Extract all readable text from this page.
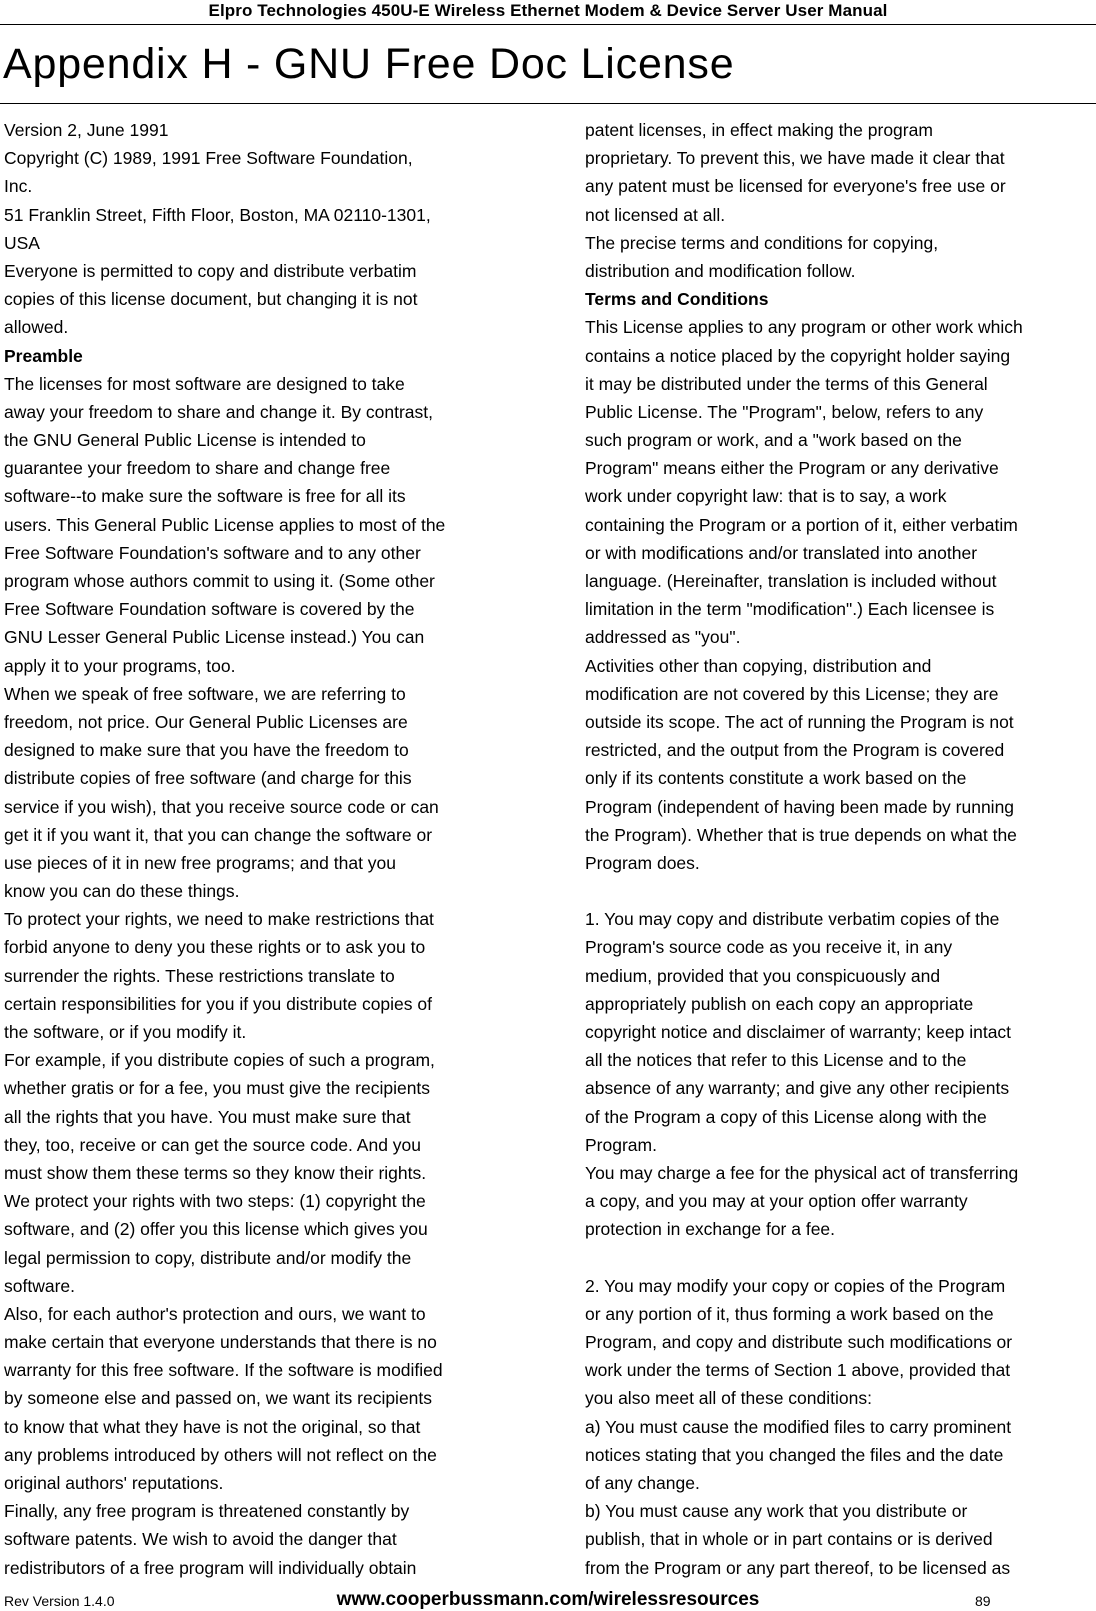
Elpro Technologies 450U-E Wireless Ethernet Modem & Device Server User Manual
Appendix H - GNU Free Doc License
Version 2, June 1991
Copyright (C) 1989, 1991 Free Software Foundation,
Inc.
51 Franklin Street, Fifth Floor, Boston, MA 02110-1301,
USA
Everyone is permitted to copy and distribute verbatim
copies of this license document, but changing it is not
allowed.
Preamble
The licenses for most software are designed to take
away your freedom to share and change it. By contrast,
the GNU General Public License is intended to
guarantee your freedom to share and change free
software--to make sure the software is free for all its
users. This General Public License applies to most of the
Free Software Foundation's software and to any other
program whose authors commit to using it. (Some other
Free Software Foundation software is covered by the
GNU Lesser General Public License instead.) You can
apply it to your programs, too.
When we speak of free software, we are referring to
freedom, not price. Our General Public Licenses are
designed to make sure that you have the freedom to
distribute copies of free software (and charge for this
service if you wish), that you receive source code or can
get it if you want it, that you can change the software or
use pieces of it in new free programs; and that you
know you can do these things.
To protect your rights, we need to make restrictions that
forbid anyone to deny you these rights or to ask you to
surrender the rights. These restrictions translate to
certain responsibilities for you if you distribute copies of
the software, or if you modify it.
For example, if you distribute copies of such a program,
whether gratis or for a fee, you must give the recipients
all the rights that you have. You must make sure that
they, too, receive or can get the source code. And you
must show them these terms so they know their rights.
We protect your rights with two steps: (1) copyright the
software, and (2) offer you this license which gives you
legal permission to copy, distribute and/or modify the
software.
Also, for each author's protection and ours, we want to
make certain that everyone understands that there is no
warranty for this free software. If the software is modified
by someone else and passed on, we want its recipients
to know that what they have is not the original, so that
any problems introduced by others will not reflect on the
original authors' reputations.
Finally, any free program is threatened constantly by
software patents. We wish to avoid the danger that
redistributors of a free program will individually obtain
patent licenses, in effect making the program
proprietary. To prevent this, we have made it clear that
any patent must be licensed for everyone's free use or
not licensed at all.
The precise terms and conditions for copying,
distribution and modification follow.
Terms and Conditions
This License applies to any program or other work which
contains a notice placed by the copyright holder saying
it may be distributed under the terms of this General
Public License. The "Program", below, refers to any
such program or work, and a "work based on the
Program" means either the Program or any derivative
work under copyright law: that is to say, a work
containing the Program or a portion of it, either verbatim
or with modifications and/or translated into another
language. (Hereinafter, translation is included without
limitation in the term "modification".) Each licensee is
addressed as "you".
Activities other than copying, distribution and
modification are not covered by this License; they are
outside its scope. The act of running the Program is not
restricted, and the output from the Program is covered
only if its contents constitute a work based on the
Program (independent of having been made by running
the Program). Whether that is true depends on what the
Program does.
1. You may copy and distribute verbatim copies of the
Program's source code as you receive it, in any
medium, provided that you conspicuously and
appropriately publish on each copy an appropriate
copyright notice and disclaimer of warranty; keep intact
all the notices that refer to this License and to the
absence of any warranty; and give any other recipients
of the Program a copy of this License along with the
Program.
You may charge a fee for the physical act of transferring
a copy, and you may at your option offer warranty
protection in exchange for a fee.
2. You may modify your copy or copies of the Program
or any portion of it, thus forming a work based on the
Program, and copy and distribute such modifications or
work under the terms of Section 1 above, provided that
you also meet all of these conditions:
a) You must cause the modified files to carry prominent
notices stating that you changed the files and the date
of any change.
b) You must cause any work that you distribute or
publish, that in whole or in part contains or is derived
from the Program or any part thereof, to be licensed as
Rev Version 1.4.0	www.cooperbussmann.com/wirelessresources	89
